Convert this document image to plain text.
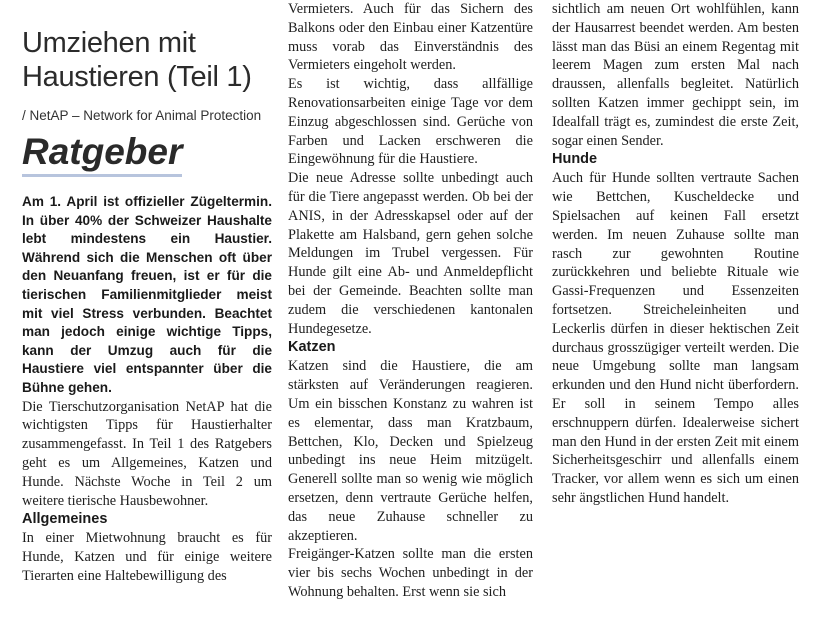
Umziehen mit
Haustieren (Teil 1)

/ NetAP – Network for Animal Protection

Ratgeber

Am 1. April ist offizieller Zügeltermin. In über 40% der Schweizer Haushalte lebt mindestens ein Haustier. Während sich die Menschen oft über den Neuanfang freuen, ist er für die tierischen Familienmitglieder meist mit viel Stress verbunden. Beachtet man jedoch einige wichtige Tipps, kann der Umzug auch für die Haustiere viel entspannter über die Bühne gehen.

Die Tierschutzorganisation NetAP hat die wichtigsten Tipps für Haustierhalter zusammengefasst. In Teil 1 des Ratgebers geht es um Allgemeines, Katzen und Hunde. Nächste Woche in Teil 2 um weitere tierische Hausbewohner.

Allgemeines

In einer Mietwohnung braucht es für Hunde, Katzen und für einige weitere Tierarten eine Haltebewilligung des

Vermieters. Auch für das Sichern des Balkons oder den Einbau einer Katzentüre muss vorab das Einverständnis des Vermieters eingeholt werden.

Es ist wichtig, dass allfällige Renovationsarbeiten einige Tage vor dem Einzug abgeschlossen sind. Gerüche von Farben und Lacken erschweren die Eingewöhnung für die Haustiere.

Die neue Adresse sollte unbedingt auch für die Tiere angepasst werden. Ob bei der ANIS, in der Adresskapsel oder auf der Plakette am Halsband, gern gehen solche Meldungen im Trubel vergessen. Für Hunde gilt eine Ab- und Anmeldepflicht bei der Gemeinde. Beachten sollte man zudem die verschiedenen kantonalen Hundegesetze.

Katzen

Katzen sind die Haustiere, die am stärksten auf Veränderungen reagieren. Um ein bisschen Konstanz zu wahren ist es elementar, dass man Kratzbaum, Bettchen, Klo, Decken und Spielzeug unbedingt ins neue Heim mitzügelt. Generell sollte man so wenig wie möglich ersetzen, denn vertraute Gerüche helfen, das neue Zuhause schneller zu akzeptieren.

Freigänger-Katzen sollte man die ersten vier bis sechs Wochen unbedingt in der Wohnung behalten. Erst wenn sie sich

sichtlich am neuen Ort wohlfühlen, kann der Hausarrest beendet werden. Am besten lässt man das Büsi an einem Regentag mit leerem Magen zum ersten Mal nach draussen, allenfalls begleitet. Natürlich sollten Katzen immer gechippt sein, im Idealfall trägt es, zumindest die erste Zeit, sogar einen Sender.

Hunde

Auch für Hunde sollten vertraute Sachen wie Bettchen, Kuscheldecke und Spielsachen auf keinen Fall ersetzt werden. Im neuen Zuhause sollte man rasch zur gewohnten Routine zurückkehren und beliebte Rituale wie Gassi-Frequenzen und Essenzeiten fortsetzen. Streicheleinheiten und Leckerlis dürfen in dieser hektischen Zeit durchaus grosszügiger verteilt werden. Die neue Umgebung sollte man langsam erkunden und den Hund nicht überfordern. Er soll in seinem Tempo alles erschnuppern dürfen. Idealerweise sichert man den Hund in der ersten Zeit mit einem Sicherheitsgeschirr und allenfalls einem Tracker, vor allem wenn es sich um einen sehr ängstlichen Hund handelt.
